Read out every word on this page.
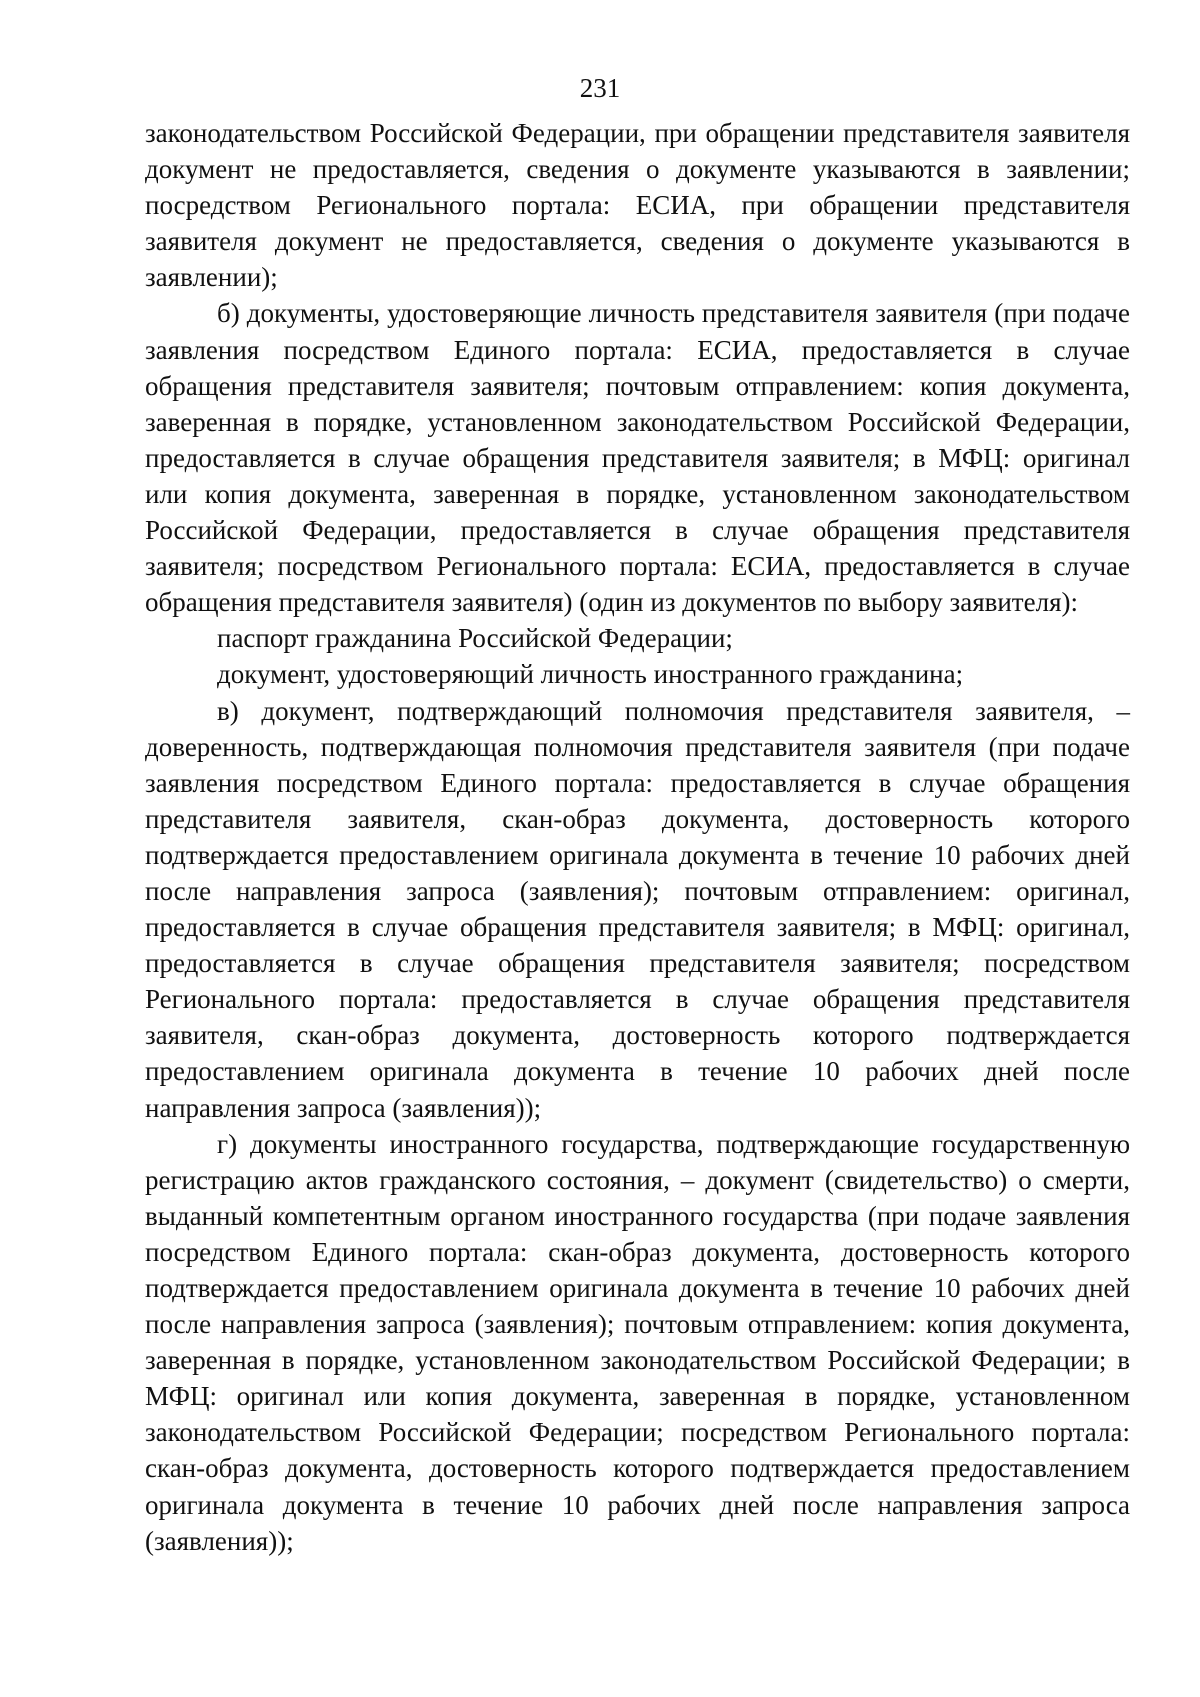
231

законодательством Российской Федерации, при обращении представителя заявителя документ не предоставляется, сведения о документе указываются в заявлении; посредством Регионального портала: ЕСИА, при обращении представителя заявителя документ не предоставляется, сведения о документе указываются в заявлении);

б) документы, удостоверяющие личность представителя заявителя (при подаче заявления посредством Единого портала: ЕСИА, предоставляется в случае обращения представителя заявителя; почтовым отправлением: копия документа, заверенная в порядке, установленном законодательством Российской Федерации, предоставляется в случае обращения представителя заявителя; в МФЦ: оригинал или копия документа, заверенная в порядке, установленном законодательством Российской Федерации, предоставляется в случае обращения представителя заявителя; посредством Регионального портала: ЕСИА, предоставляется в случае обращения представителя заявителя) (один из документов по выбору заявителя):

паспорт гражданина Российской Федерации;

документ, удостоверяющий личность иностранного гражданина;

в) документ, подтверждающий полномочия представителя заявителя, – доверенность, подтверждающая полномочия представителя заявителя (при подаче заявления посредством Единого портала: предоставляется в случае обращения представителя заявителя, скан-образ документа, достоверность которого подтверждается предоставлением оригинала документа в течение 10 рабочих дней после направления запроса (заявления); почтовым отправлением: оригинал, предоставляется в случае обращения представителя заявителя; в МФЦ: оригинал, предоставляется в случае обращения представителя заявителя; посредством Регионального портала: предоставляется в случае обращения представителя заявителя, скан-образ документа, достоверность которого подтверждается предоставлением оригинала документа в течение 10 рабочих дней после направления запроса (заявления));

г) документы иностранного государства, подтверждающие государственную регистрацию актов гражданского состояния, – документ (свидетельство) о смерти, выданный компетентным органом иностранного государства (при подаче заявления посредством Единого портала: скан-образ документа, достоверность которого подтверждается предоставлением оригинала документа в течение 10 рабочих дней после направления запроса (заявления); почтовым отправлением: копия документа, заверенная в порядке, установленном законодательством Российской Федерации; в МФЦ: оригинал или копия документа, заверенная в порядке, установленном законодательством Российской Федерации; посредством Регионального портала: скан-образ документа, достоверность которого подтверждается предоставлением оригинала документа в течение 10 рабочих дней после направления запроса (заявления));
